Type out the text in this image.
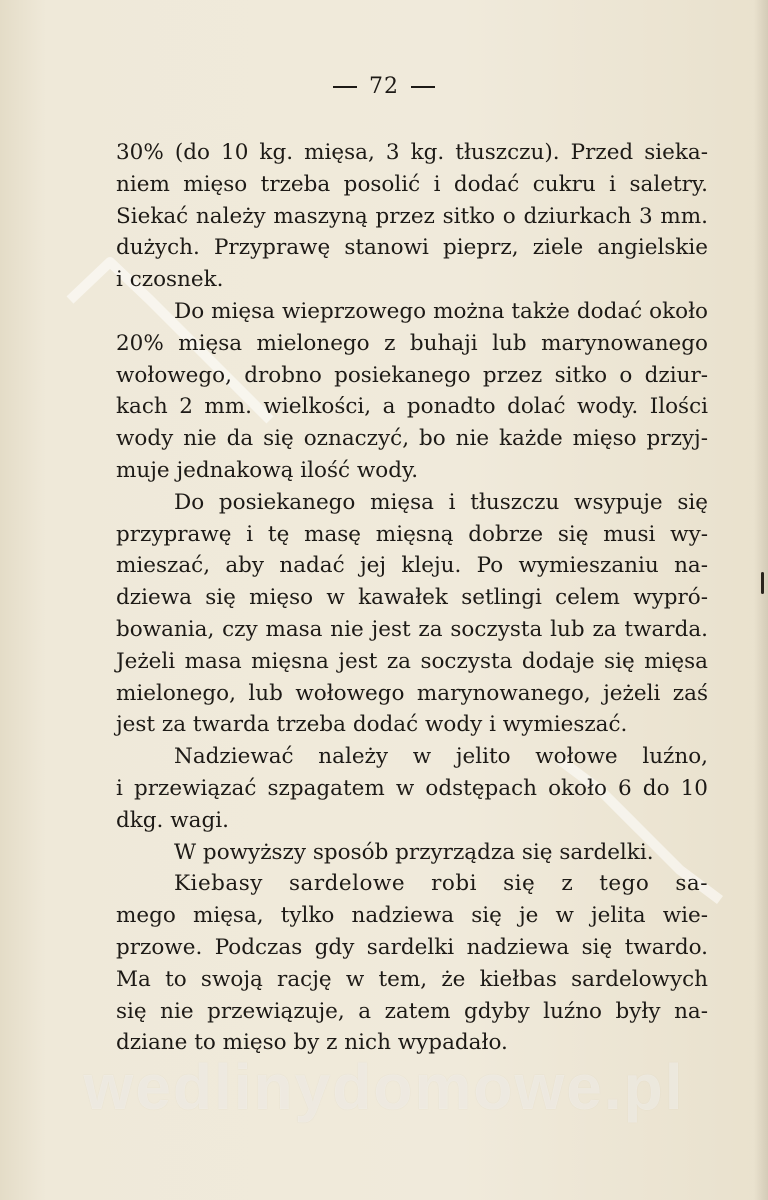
72
30% (do 10 kg. mięsa, 3 kg. tłuszczu). Przed sieka-
niem mięso trzeba posolić i dodać cukru i saletry.
Siekać należy maszyną przez sitko o dziurkach 3 mm.
dużych. Przyprawę stanowi pieprz, ziele angielskie
i czosnek.
Do mięsa wieprzowego można także dodać około
20% mięsa mielonego z buhaji lub marynowanego
wołowego, drobno posiekanego przez sitko o dziur-
kach 2 mm. wielkości, a ponadto dolać wody. Ilości
wody nie da się oznaczyć, bo nie każde mięso przyj-
muje jednakową ilość wody.
Do posiekanego mięsa i tłuszczu wsypuje się
przyprawę i tę masę mięsną dobrze się musi wy-
mieszać, aby nadać jej kleju. Po wymieszaniu na-
dziewa się mięso w kawałek setlingi celem wypró-
bowania, czy masa nie jest za soczysta lub za twarda.
Jeżeli masa mięsna jest za soczysta dodaje się mięsa
mielonego, lub wołowego marynowanego, jeżeli zaś
jest za twarda trzeba dodać wody i wymieszać.
Nadziewać należy w jelito wołowe luźno,
i przewiązać szpagatem w odstępach około 6 do 10
dkg. wagi.
W powyższy sposób przyrządza się sardelki.
Kiebasy sardelowe robi się z tego sa-
mego mięsa, tylko nadziewa się je w jelita wie-
przowe. Podczas gdy sardelki nadziewa się twardo.
Ma to swoją rację w tem, że kiełbas sardelowych
się nie przewiązuje, a zatem gdyby luźno były na-
dziane to mięso by z nich wypadało.
wedlinydomowe.pl
